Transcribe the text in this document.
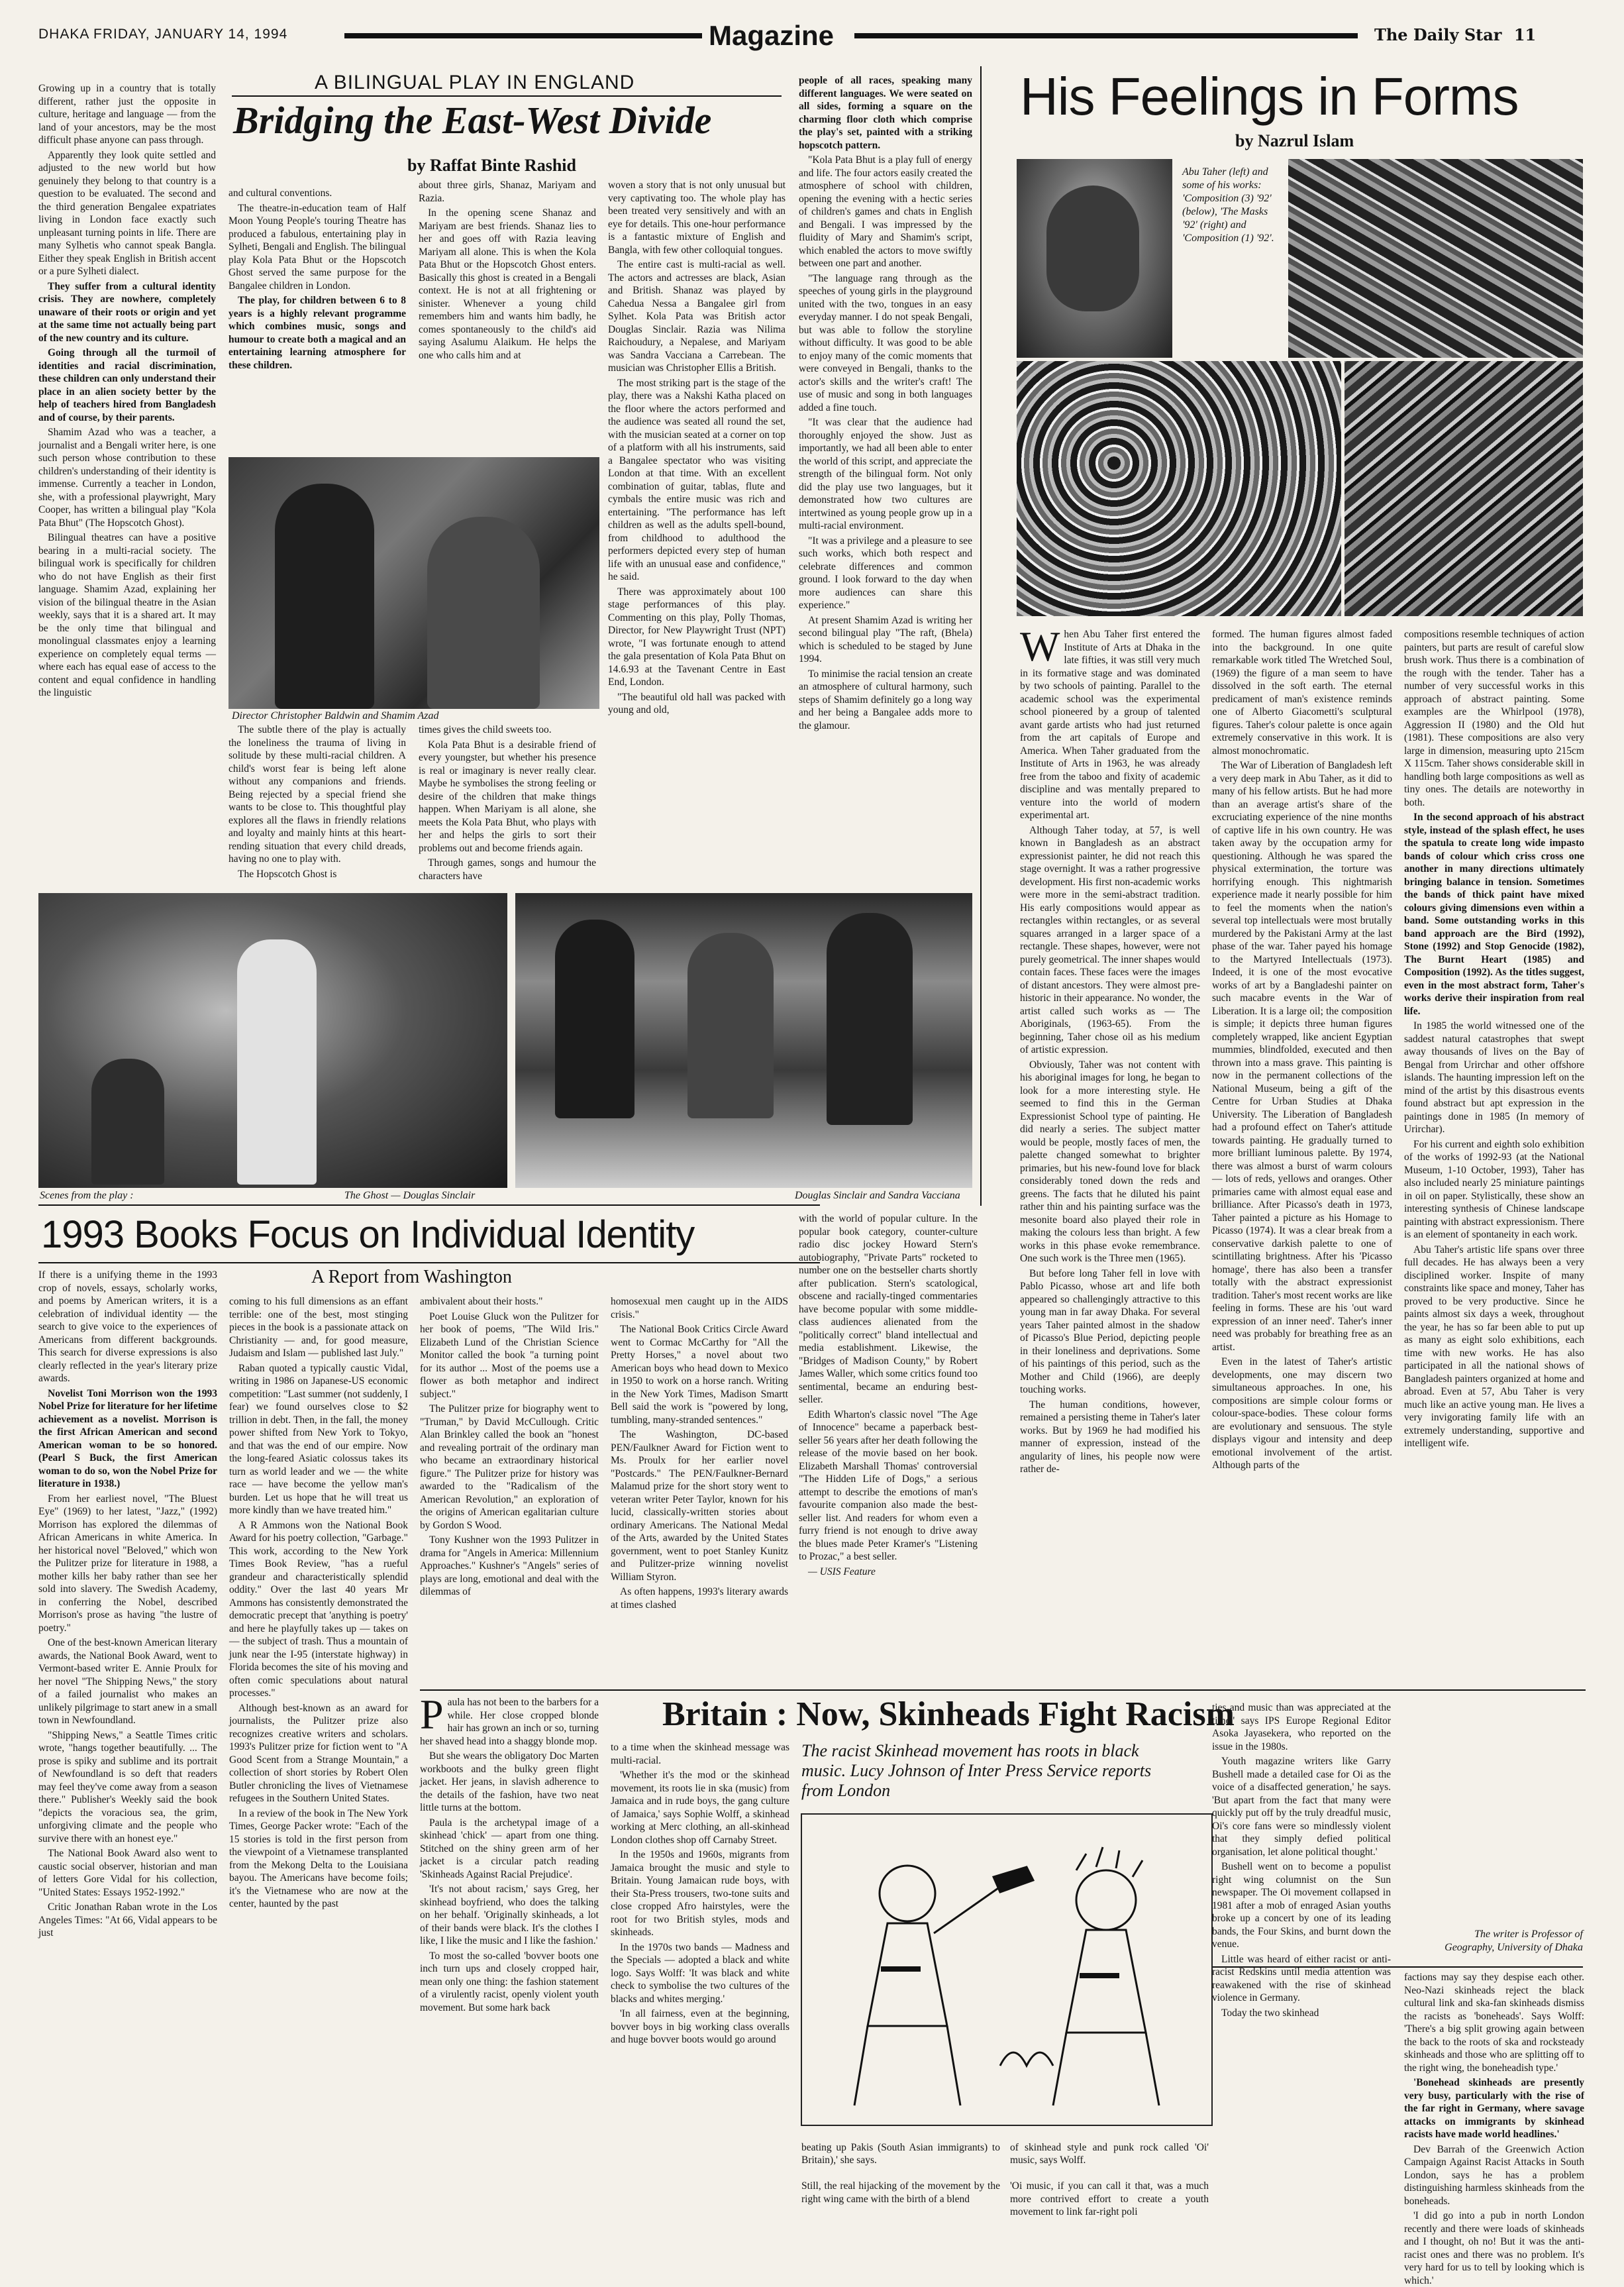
DHAKA FRIDAY, JANUARY 14, 1994	Magazine	The Daily Star 11

Growing up in a country that is totally different, rather just the opposite in culture, heritage and language — from the land of your ancestors, may be the most difficult phase anyone can pass through.

Apparently they look quite settled and adjusted to the new world but how genuinely they belong to that country is a question to be evaluated. The second and the third generation Bengalee expatriates living in London face exactly such unpleasant turning points in life. There are many Sylhetis who cannot speak Bangla. Either they speak English in British accent or a pure Sylheti dialect.

They suffer from a cultural identity crisis. They are nowhere, completely unaware of their roots or origin and yet at the same time not actually being part of the new country and its culture.

Going through all the turmoil of identities and racial discrimination, these children can only understand their place in an alien society better by the help of teachers hired from Bangladesh and of course, by their parents.

Shamim Azad who was a teacher, a journalist and a Bengali writer here, is one such person whose contribution to these children's understanding of their identity is immense. Currently a teacher in London, she, with a professional playwright, Mary Cooper, has written a bilingual play "Kola Pata Bhut" (The Hopscotch Ghost).

Bilingual theatres can have a positive bearing in a multi-racial society. The bilingual work is specifically for children who do not have English as their first language. Shamim Azad, explaining her vision of the bilingual theatre in the Asian weekly, says that it is a shared art. It may be the only time that bilingual and monolingual classmates enjoy a learning experience on completely equal terms — where each has equal ease of access to the content and equal confidence in handling the linguistic

A BILINGUAL PLAY IN ENGLAND
Bridging the East-West Divide
by Raffat Binte Rashid

and cultural conventions.

The theatre-in-education team of Half Moon Young People's touring Theatre has produced a fabulous, entertaining play in Sylheti, Bengali and English. The bilingual play Kola Pata Bhut or the Hopscotch Ghost served the same purpose for the Bangalee children in London.

The play, for children between 6 to 8 years is a highly relevant programme which combines music, songs and humour to create both a magical and an entertaining learning atmosphere for these children.

about three girls, Shanaz, Mariyam and Razia.

In the opening scene Shanaz and Mariyam are best friends. Shanaz lies to her and goes off with Razia leaving Mariyam all alone. This is when the Kola Pata Bhut or the Hopscotch Ghost enters. Basically this ghost is created in a Bengali context. He is not at all frightening or sinister. Whenever a young child remembers him and wants him badly, he comes spontaneously to the child's aid saying Asalumu Alaikum. He helps the one who calls him and at

woven a story that is not only unusual but very captivating too. The whole play has been treated very sensitively and with an eye for details. This one-hour performance is a fantastic mixture of English and Bangla, with few other colloquial tongues.

The entire cast is multi-racial as well. The actors and actresses are black, Asian and British. Shanaz was played by Cahedua Nessa a Bangalee girl from Sylhet. Kola Pata was British actor Douglas Sinclair. Razia was Nilima Raichoudury, a Nepalese, and Mariyam was Sandra Vacciana a Carrebean. The musician was Christopher Ellis a British.

The most striking part is the stage of the play, there was a Nakshi Katha placed on the floor where the actors performed and the audience was seated all round the set, with the musician seated at a corner on top of a platform with all his instruments, said a Bangalee spectator who was visiting London at that time. With an excellent combination of guitar, tablas, flute and cymbals the entire music was rich and entertaining. "The performance has left children as well as the adults spell-bound, from childhood to adulthood the performers depicted every step of human life with an unusual ease and confidence," he said.

There was approximately about 100 stage performances of this play. Commenting on this play, Polly Thomas, Director, for New Playwright Trust (NPT) wrote, "I was fortunate enough to attend the gala presentation of Kola Pata Bhut on 14.6.93 at the Tavenant Centre in East End, London.

"The beautiful old hall was packed with young and old,

people of all races, speaking many different languages. We were seated on all sides, forming a square on the charming floor cloth which comprise the play's set, painted with a striking hopscotch pattern.

"Kola Pata Bhut is a play full of energy and life. The four actors easily created the atmosphere of school with children, opening the evening with a hectic series of children's games and chats in English and Bengali. I was impressed by the fluidity of Mary and Shamim's script, which enabled the actors to move swiftly between one part and another.

"The language rang through as the speeches of young girls in the playground united with the two, tongues in an easy everyday manner. I do not speak Bengali, but was able to follow the storyline without difficulty. It was good to be able to enjoy many of the comic moments that were conveyed in Bengali, thanks to the actor's skills and the writer's craft! The use of music and song in both languages added a fine touch.

"It was clear that the audience had thoroughly enjoyed the show. Just as importantly, we had all been able to enter the world of this script, and appreciate the strength of the bilingual form. Not only did the play use two languages, but it demonstrated how two cultures are intertwined as young people grow up in a multi-racial environment.

"It was a privilege and a pleasure to see such works, which both respect and celebrate differences and common ground. I look forward to the day when more audiences can share this experience."

At present Shamim Azad is writing her second bilingual play "The raft, (Bhela) which is scheduled to be staged by June 1994.

To minimise the racial tension an create an atmosphere of cultural harmony, such steps of Shamim definitely go a long way and her being a Bangalee adds more to the glamour.

Director Christopher Baldwin and Shamim Azad

The subtle there of the play is actually the loneliness the trauma of living in solitude by these multi-racial children. A child's worst fear is being left alone without any companions and friends. Being rejected by a special friend she wants to be close to. This thoughtful play explores all the flaws in friendly relations and loyalty and mainly hints at this heart-rending situation that every child dreads, having no one to play with.

The Hopscotch Ghost is

times gives the child sweets too.

Kola Pata Bhut is a desirable friend of every youngster, but whether his presence is real or imaginary is never really clear. Maybe he symbolises the strong feeling or desire of the children that make things happen. When Mariyam is all alone, she meets the Kola Pata Bhut, who plays with her and helps the girls to sort their problems out and become friends again.

Through games, songs and humour the characters have

Scenes from the play :	The Ghost — Douglas Sinclair	Douglas Sinclair and Sandra Vacciana
His Feelings in Forms
by Nazrul Islam
Abu Taher (left) and some of his works: 'Composition (3) '92' (below), 'The Masks '92' (right) and 'Composition (1) '92'.

When Abu Taher first entered the Institute of Arts at Dhaka in the late fifties, it was still very much in its formative stage and was dominated by two schools of painting. Parallel to the academic school was the experimental school pioneered by a group of talented avant garde artists who had just returned from the art capitals of Europe and America. When Taher graduated from the Institute of Arts in 1963, he was already free from the taboo and fixity of academic discipline and was mentally prepared to venture into the world of modern experimental art.

Although Taher today, at 57, is well known in Bangladesh as an abstract expressionist painter, he did not reach this stage overnight. It was a rather progressive development. His first non-academic works were more in the semi-abstract tradition. His early compositions would appear as rectangles within rectangles, or as several squares arranged in a larger space of a rectangle. These shapes, however, were not purely geometrical. The inner shapes would contain faces. These faces were the images of distant ancestors. They were almost pre-historic in their appearance. No wonder, the artist called such works as — The Aboriginals, (1963-65). From the beginning, Taher chose oil as his medium of artistic expression.

Obviously, Taher was not content with his aboriginal images for long, he began to look for a more interesting style. He seemed to find this in the German Expressionist School type of painting. He did nearly a series. The subject matter would be people, mostly faces of men, the palette changed somewhat to brighter primaries, but his new-found love for black considerably toned down the reds and greens. The facts that he diluted his paint rather thin and his painting surface was the mesonite board also played their role in making the colours less than bright. A few works in this phase evoke remembrance. One such work is the Three men (1965).

But before long Taher fell in love with Pablo Picasso, whose art and life both appeared so challengingly attractive to this young man in far away Dhaka. For several years Taher painted almost in the shadow of Picasso's Blue Period, depicting people in their loneliness and deprivations. Some of his paintings of this period, such as the Mother and Child (1966), are deeply touching works.

The human conditions, however, remained a persisting theme in Taher's later works. But by 1969 he had modified his manner of expression, instead of the angularity of lines, his people now were rather de-

formed. The human figures almost faded into the background. In one quite remarkable work titled The Wretched Soul, (1969) the figure of a man seem to have dissolved in the soft earth. The eternal predicament of man's existence reminds one of Alberto Giacometti's sculptural figures. Taher's colour palette is once again extremely conservative in this work. It is almost monochromatic.

The War of Liberation of Bangladesh left a very deep mark in Abu Taher, as it did to many of his fellow artists. But he had more than an average artist's share of the excruciating experience of the nine months of captive life in his own country. He was taken away by the occupation army for questioning. Although he was spared the physical extermination, the torture was horrifying enough. This nightmarish experience made it nearly possible for him to feel the moments when the nation's several top intellectuals were most brutally murdered by the Pakistani Army at the last phase of the war. Taher payed his homage to the Martyred Intellectuals (1973). Indeed, it is one of the most evocative works of art by a Bangladeshi painter on such macabre events in the War of Liberation. It is a large oil; the composition is simple; it depicts three human figures completely wrapped, like ancient Egyptian mummies, blindfolded, executed and then thrown into a mass grave. This painting is now in the permanent collections of the National Museum, being a gift of the Centre for Urban Studies at Dhaka University. The Liberation of Bangladesh had a profound effect on Taher's attitude towards painting. He gradually turned to more brilliant luminous palette. By 1974, there was almost a burst of warm colours — lots of reds, yellows and oranges. Other primaries came with almost equal ease and brilliance. After Picasso's death in 1973, Taher painted a picture as his Homage to Picasso (1974). It was a clear break from a conservative darkish palette to one of scintillating brightness. After his 'Picasso homage', there has also been a transfer totally with the abstract expressionist tradition. Taher's most recent works are like feeling in forms. These are his 'out ward expression of an inner need'. Taher's inner need was probably for breathing free as an artist.

Even in the latest of Taher's artistic developments, one may discern two simultaneous approaches. In one, his compositions are simple colour forms or colour-space-bodies. These colour forms are evolutionary and sensuous. The style displays vigour and intensity and deep emotional involvement of the artist. Although parts of the

compositions resemble techniques of action painters, but parts are result of careful slow brush work. Thus there is a combination of the rough with the tender. Taher has a number of very successful works in this approach of abstract painting. Some examples are the Whirlpool (1978), Aggression II (1980) and the Old hut (1981). These compositions are also very large in dimension, measuring upto 215cm X 115cm. Taher shows considerable skill in handling both large compositions as well as tiny ones. The details are noteworthy in both.

In the second approach of his abstract style, instead of the splash effect, he uses the spatula to create long wide impasto bands of colour which criss cross one another in many directions ultimately bringing balance in tension. Sometimes the bands of thick paint have mixed colours giving dimensions even within a band. Some outstanding works in this band approach are the Bird (1992), Stone (1992) and Stop Genocide (1982), The Burnt Heart (1985) and Composition (1992). As the titles suggest, even in the most abstract form, Taher's works derive their inspiration from real life.

In 1985 the world witnessed one of the saddest natural catastrophes that swept away thousands of lives on the Bay of Bengal from Urirchar and other offshore islands. The haunting impression left on the mind of the artist by this disastrous events found abstract but apt expression in the paintings done in 1985 (In memory of Urirchar).

For his current and eighth solo exhibition of the works of 1992-93 (at the National Museum, 1-10 October, 1993), Taher has also included nearly 25 miniature paintings in oil on paper. Stylistically, these show an interesting synthesis of Chinese landscape painting with abstract expressionism. There is an element of spontaneity in each work.

Abu Taher's artistic life spans over three full decades. He has always been a very disciplined worker. Inspite of many constraints like space and money, Taher has proved to be very productive. Since he paints almost six days a week, throughout the year, he has so far been able to put up as many as eight solo exhibitions, each time with new works. He has also participated in all the national shows of Bangladesh painters organized at home and abroad. Even at 57, Abu Taher is very much like an active young man. He lives a very invigorating family life with an extremely understanding, supportive and intelligent wife.

The writer is Professor of Geography, University of Dhaka
1993 Books Focus on Individual Identity
A Report from Washington

If there is a unifying theme in the 1993 crop of novels, essays, scholarly works, and poems by American writers, it is a celebration of individual identity — the search to give voice to the experiences of Americans from different backgrounds. This search for diverse expressions is also clearly reflected in the year's literary prize awards.

Novelist Toni Morrison won the 1993 Nobel Prize for literature for her lifetime achievement as a novelist. Morrison is the first African American and second American woman to be so honored. (Pearl S Buck, the first American woman to do so, won the Nobel Prize for literature in 1938.)

From her earliest novel, "The Bluest Eye" (1969) to her latest, "Jazz," (1992) Morrison has explored the dilemmas of African Americans in white America. In her historical novel "Beloved," which won the Pulitzer prize for literature in 1988, a mother kills her baby rather than see her sold into slavery. The Swedish Academy, in conferring the Nobel, described Morrison's prose as having "the lustre of poetry."

One of the best-known American literary awards, the National Book Award, went to Vermont-based writer E. Annie Proulx for her novel "The Shipping News," the story of a failed journalist who makes an unlikely pilgrimage to start anew in a small town in Newfoundland.

"Shipping News," a Seattle Times critic wrote, "hangs together beautifully. ... The prose is spiky and sublime and its portrait of Newfoundland is so deft that readers may feel they've come away from a season there." Publisher's Weekly said the book "depicts the voracious sea, the grim, unforgiving climate and the people who survive there with an honest eye."

The National Book Award also went to caustic social observer, historian and man of letters Gore Vidal for his collection, "United States: Essays 1952-1992."

Critic Jonathan Raban wrote in the Los Angeles Times: "At 66, Vidal appears to be just

coming to his full dimensions as an effant terrible: one of the best, most stinging pieces in the book is a passionate attack on Christianity — and, for good measure, Judaism and Islam — published last July."

Raban quoted a typically caustic Vidal, writing in 1986 on Japanese-US economic competition: "Last summer (not suddenly, I fear) we found ourselves close to $2 trillion in debt. Then, in the fall, the money power shifted from New York to Tokyo, and that was the end of our empire. Now the long-feared Asiatic colossus takes its turn as world leader and we — the white race — have become the yellow man's burden. Let us hope that he will treat us more kindly than we have treated him."

A R Ammons won the National Book Award for his poetry collection, "Garbage." This work, according to the New York Times Book Review, "has a rueful grandeur and characteristically splendid oddity." Over the last 40 years Mr Ammons has consistently demonstrated the democratic precept that 'anything is poetry' and here he playfully takes up — takes on — the subject of trash. Thus a mountain of junk near the I-95 (interstate highway) in Florida becomes the site of his moving and often comic speculations about natural processes."

Although best-known as an award for journalists, the Pulitzer prize also recognizes creative writers and scholars. 1993's Pulitzer prize for fiction went to "A Good Scent from a Strange Mountain," a collection of short stories by Robert Olen Butler chronicling the lives of Vietnamese refugees in the Southern United States.

In a review of the book in The New York Times, George Packer wrote: "Each of the 15 stories is told in the first person from the viewpoint of a Vietnamese transplanted from the Mekong Delta to the Louisiana bayou. The Americans have become foils; it's the Vietnamese who are now at the center, haunted by the past

ambivalent about their hosts."

Poet Louise Gluck won the Pulitzer for her book of poems, "The Wild Iris." Elizabeth Lund of the Christian Science Monitor called the book "a turning point for its author ... Most of the poems use a flower as both metaphor and indirect subject."

The Pulitzer prize for biography went to "Truman," by David McCullough. Critic Alan Brinkley called the book an "honest and revealing portrait of the ordinary man who became an extraordinary historical figure." The Pulitzer prize for history was awarded to the "Radicalism of the American Revolution," an exploration of the origins of American egalitarian culture by Gordon S Wood.

Tony Kushner won the 1993 Pulitzer in drama for "Angels in America: Millennium Approaches." Kushner's "Angels" series of plays are long, emotional and deal with the dilemmas of

homosexual men caught up in the AIDS crisis."

The National Book Critics Circle Award went to Cormac McCarthy for "All the Pretty Horses," a novel about two American boys who head down to Mexico in 1950 to work on a horse ranch. Writing in the New York Times, Madison Smartt Bell said the work is "powered by long, tumbling, many-stranded sentences."

The Washington, DC-based PEN/Faulkner Award for Fiction went to Ms. Proulx for her earlier novel "Postcards." The PEN/Faulkner-Bernard Malamud prize for the short story went to veteran writer Peter Taylor, known for his lucid, classically-written stories about ordinary Americans. The National Medal of the Arts, awarded by the United States government, went to poet Stanley Kunitz and Pulitzer-prize winning novelist William Styron.

As often happens, 1993's literary awards at times clashed

with the world of popular culture. In the popular book category, counter-culture radio disc jockey Howard Stern's autobiography, "Private Parts" rocketed to number one on the bestseller charts shortly after publication. Stern's scatological, obscene and racially-tinged commentaries have become popular with some middle-class audiences alienated from the "politically correct" bland intellectual and media establishment. Likewise, the "Bridges of Madison County," by Robert James Waller, which some critics found too sentimental, became an enduring best-seller.

Edith Wharton's classic novel "The Age of Innocence" became a paperback best-seller 56 years after her death following the release of the movie based on her book. Elizabeth Marshall Thomas' controversial "The Hidden Life of Dogs," a serious attempt to describe the emotions of man's favourite companion also made the best-seller list. And readers for whom even a furry friend is not enough to drive away the blues made Peter Kramer's "Listening to Prozac," a best seller.

— USIS Feature

Paula has not been to the barbers for a while. Her close cropped blonde hair has grown an inch or so, turning her shaved head into a shaggy blonde mop.

But she wears the obligatory Doc Marten workboots and the bulky green flight jacket. Her jeans, in slavish adherence to the details of the fashion, have two neat little turns at the bottom.

Paula is the archetypal image of a skinhead 'chick' — apart from one thing. Stitched on the shiny green arm of her jacket is a circular patch reading 'Skinheads Against Racial Prejudice'.

'It's not about racism,' says Greg, her skinhead boyfriend, who does the talking on her behalf. 'Originally skinheads, a lot of their bands were black. It's the clothes I like, I like the music and I like the fashion.'

To most the so-called 'bovver boots one inch turn ups and closely cropped hair, mean only one thing: the fashion statement of a virulently racist, openly violent youth movement. But some hark back

Britain : Now, Skinheads Fight Racism
The racist Skinhead movement has roots in black music. Lucy Johnson of Inter Press Service reports from London

to a time when the skinhead message was multi-racial.

'Whether it's the mod or the skinhead movement, its roots lie in ska (music) from Jamaica and in rude boys, the gang culture of Jamaica,' says Sophie Wolff, a skinhead working at Merc clothing, an all-skinhead London clothes shop off Carnaby Street.

In the 1950s and 1960s, migrants from Jamaica brought the music and style to Britain. Young Jamaican rude boys, with their Sta-Press trousers, two-tone suits and close cropped Afro hairstyles, were the root for two British styles, mods and skinheads.

In the 1970s two bands — Madness and the Specials — adopted a black and white logo. Says Wolff: 'It was black and white check to symbolise the two cultures of the blacks and whites merging.'

'In all fairness, even at the beginning, bovver boys in big working class overalls and huge bovver boots would go around

ties and music than was appreciated at the time,' says IPS Europe Regional Editor Asoka Jayasekera, who reported on the issue in the 1980s.

Youth magazine writers like Garry Bushell made a detailed case for Oi as the voice of a disaffected generation,' he says. 'But apart from the fact that many were quickly put off by the truly dreadful music, Oi's core fans were so mindlessly violent that they simply defied political organisation, let alone political thought.'

Bushell went on to become a populist right wing columnist on the Sun newspaper. The Oi movement collapsed in 1981 after a mob of enraged Asian youths broke up a concert by one of its leading bands, the Four Skins, and burnt down the venue.

Little was heard of either racist or anti-racist Redskins until media attention was reawakened with the rise of skinhead violence in Germany.

Today the two skinhead

factions may say they despise each other. Neo-Nazi skinheads reject the black cultural link and ska-fan skinheads dismiss the racists as 'boneheads'. Says Wolff: 'There's a big split growing again between the back to the roots of ska and rocksteady skinheads and those who are splitting off to the right wing, the boneheadish type.'

'Bonehead skinheads are presently very busy, particularly with the rise of the far right in Germany, where savage attacks on immigrants by skinhead racists have made world headlines.'

Dev Barrah of the Greenwich Action Campaign Against Racist Attacks in South London, says he has a problem distinguishing harmless skinheads from the boneheads.

'I did go into a pub in north London recently and there were loads of skinheads and I thought, oh no! But it was the anti-racist ones and there was no problem. It's very hard for us to tell by looking which is which.'

beating up Pakis (South Asian immigrants) to Britain),' she says.

Still, the real hijacking of the movement by the right wing came with the birth of a blend

of skinhead style and punk rock called 'Oi' music, says Wolff.

'Oi music, if you can call it that, was a much more contrived effort to create a youth movement to link far-right poli
